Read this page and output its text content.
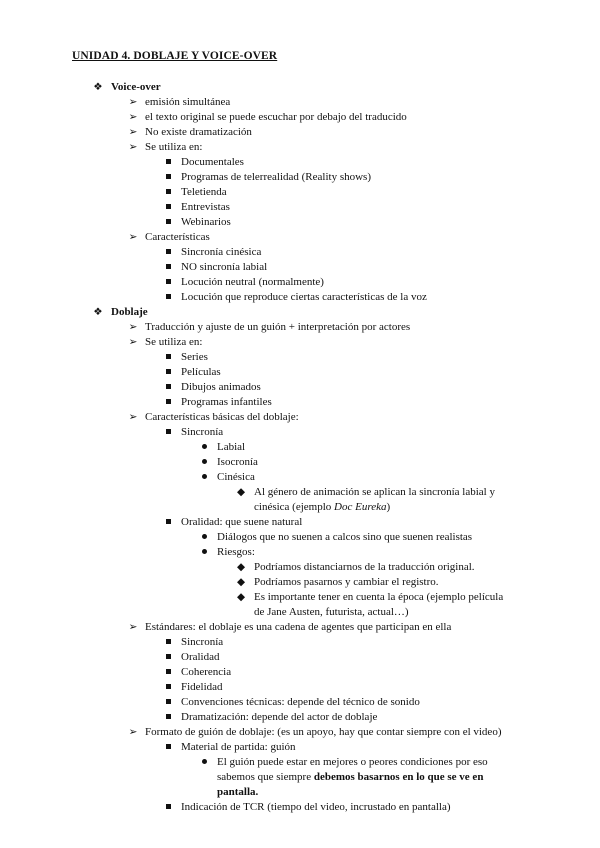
UNIDAD 4. DOBLAJE Y VOICE-OVER
❖ Voice-over
➢ emisión simultánea
➢ el texto original se puede escuchar por debajo del traducido
➢ No existe dramatización
➢ Se utiliza en:
Documentales
Programas de telerrealidad (Reality shows)
Teletienda
Entrevistas
Webinarios
➢ Características
Sincronía cinésica
NO sincronía labial
Locución neutral (normalmente)
Locución que reproduce ciertas características de la voz
❖ Doblaje
➢ Traducción y ajuste de un guión + interpretación por actores
➢ Se utiliza en:
Series
Películas
Dibujos animados
Programas infantiles
➢ Características básicas del doblaje:
Sincronía
Labial
Isocronía
Cinésica
◆ Al género de animación se aplican la sincronía labial y
cinésica (ejemplo Doc Eureka)
Oralidad: que suene natural
Diálogos que no suenen a calcos sino que suenen realistas
Riesgos:
◆ Podríamos distanciarnos de la traducción original.
◆ Podríamos pasarnos y cambiar el registro.
◆ Es importante tener en cuenta la época (ejemplo película
de Jane Austen, futurista, actual…)
➢ Estándares: el doblaje es una cadena de agentes que participan en ella
Sincronía
Oralidad
Coherencia
Fidelidad
Convenciones técnicas: depende del técnico de sonido
Dramatización: depende del actor de doblaje
➢ Formato de guión de doblaje: (es un apoyo, hay que contar siempre con el video)
Material de partida: guión
El guión puede estar en mejores o peores condiciones por eso
sabemos que siempre debemos basarnos en lo que se ve en
pantalla.
Indicación de TCR (tiempo del video, incrustado en pantalla)
